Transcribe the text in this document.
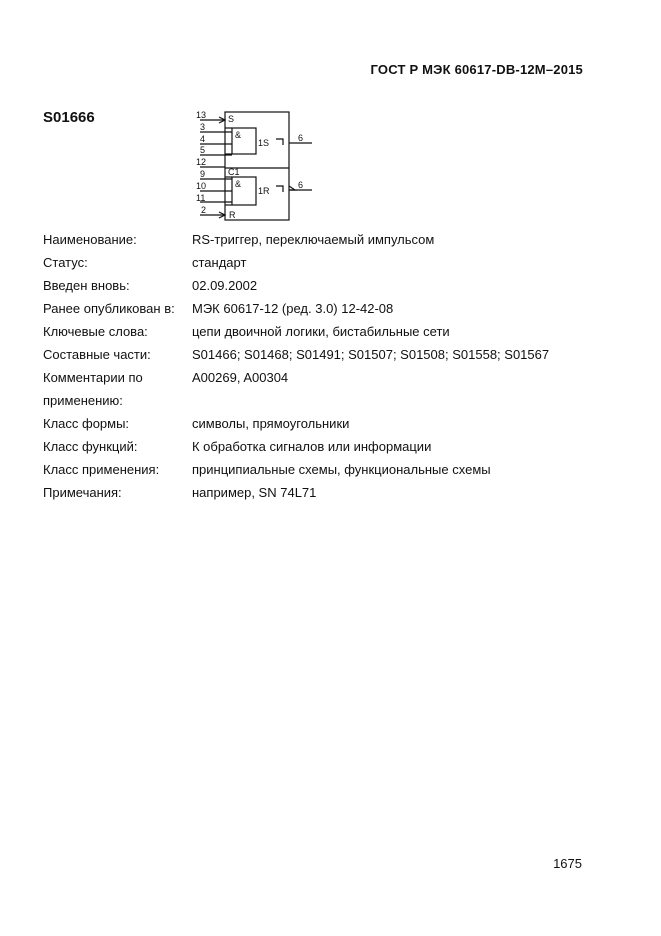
ГОСТ Р МЭК 60617-DB-12M–2015
S01666	13
3
4
5
12
9
10
11
2
6
6
S
&
1S
C1
&
1R
R
Наименование:	RS-триггер, переключаемый импульсом
Статус:	стандарт
Введен вновь:	02.09.2002
Ранее опубликован в:	МЭК 60617-12 (ред. 3.0) 12-42-08
Ключевые слова:	цепи двоичной логики, бистабильные сети
Составные части:	S01466; S01468; S01491; S01507; S01508; S01558; S01567
Комментарии по	A00269, A00304
применению:
Класс формы:	символы, прямоугольники
Класс функций:	К обработка сигналов или информации
Класс применения:	принципиальные схемы, функциональные схемы
Примечания:	например, SN 74L71
1675
